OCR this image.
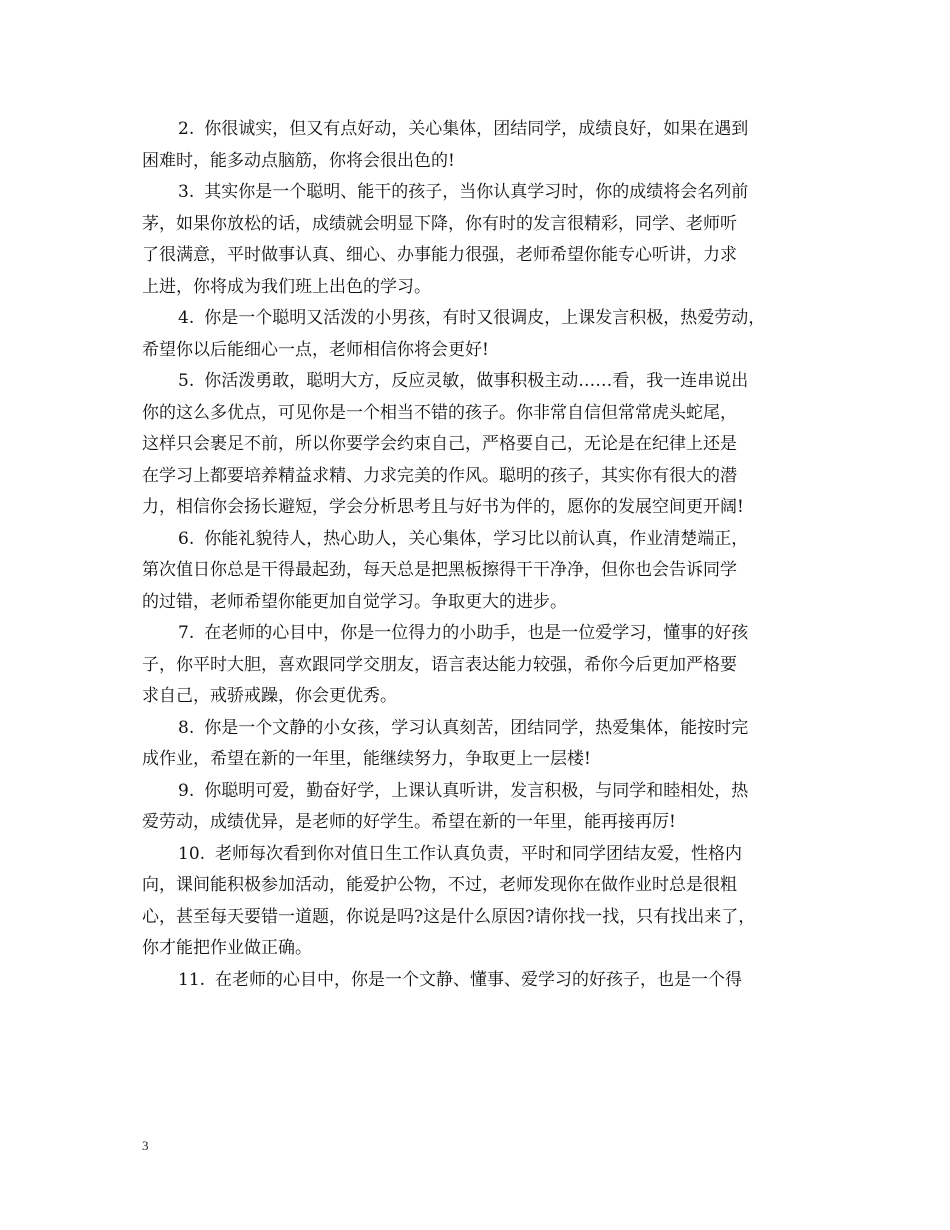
2. 你很诚实，但又有点好动，关心集体，团结同学，成绩良好，如果在遇到
困难时，能多动点脑筋，你将会很出色的!

3. 其实你是一个聪明、能干的孩子，当你认真学习时，你的成绩将会名列前
茅，如果你放松的话，成绩就会明显下降，你有时的发言很精彩，同学、老师听
了很满意，平时做事认真、细心、办事能力很强，老师希望你能专心听讲，力求
上进，你将成为我们班上出色的学习。

4. 你是一个聪明又活泼的小男孩，有时又很调皮，上课发言积极，热爱劳动，
希望你以后能细心一点，老师相信你将会更好!

5. 你活泼勇敢，聪明大方，反应灵敏，做事积极主动……看，我一连串说出
你的这么多优点，可见你是一个相当不错的孩子。你非常自信但常常虎头蛇尾，
这样只会裹足不前，所以你要学会约束自己，严格要自己，无论是在纪律上还是
在学习上都要培养精益求精、力求完美的作风。聪明的孩子，其实你有很大的潜
力，相信你会扬长避短，学会分析思考且与好书为伴的，愿你的发展空间更开阔!

6. 你能礼貌待人，热心助人，关心集体，学习比以前认真，作业清楚端正，
第次值日你总是干得最起劲，每天总是把黑板擦得干干净净，但你也会告诉同学
的过错，老师希望你能更加自觉学习。争取更大的进步。

7. 在老师的心目中，你是一位得力的小助手，也是一位爱学习，懂事的好孩
子，你平时大胆，喜欢跟同学交朋友，语言表达能力较强，希你今后更加严格要
求自己，戒骄戒躁，你会更优秀。

8. 你是一个文静的小女孩，学习认真刻苦，团结同学，热爱集体，能按时完
成作业，希望在新的一年里，能继续努力，争取更上一层楼!

9. 你聪明可爱，勤奋好学，上课认真听讲，发言积极，与同学和睦相处，热
爱劳动，成绩优异，是老师的好学生。希望在新的一年里，能再接再厉!

10. 老师每次看到你对值日生工作认真负责，平时和同学团结友爱，性格内
向，课间能积极参加活动，能爱护公物，不过，老师发现你在做作业时总是很粗
心，甚至每天要错一道题，你说是吗?这是什么原因?请你找一找，只有找出来了，
你才能把作业做正确。

11. 在老师的心目中，你是一个文静、懂事、爱学习的好孩子，也是一个得

3
